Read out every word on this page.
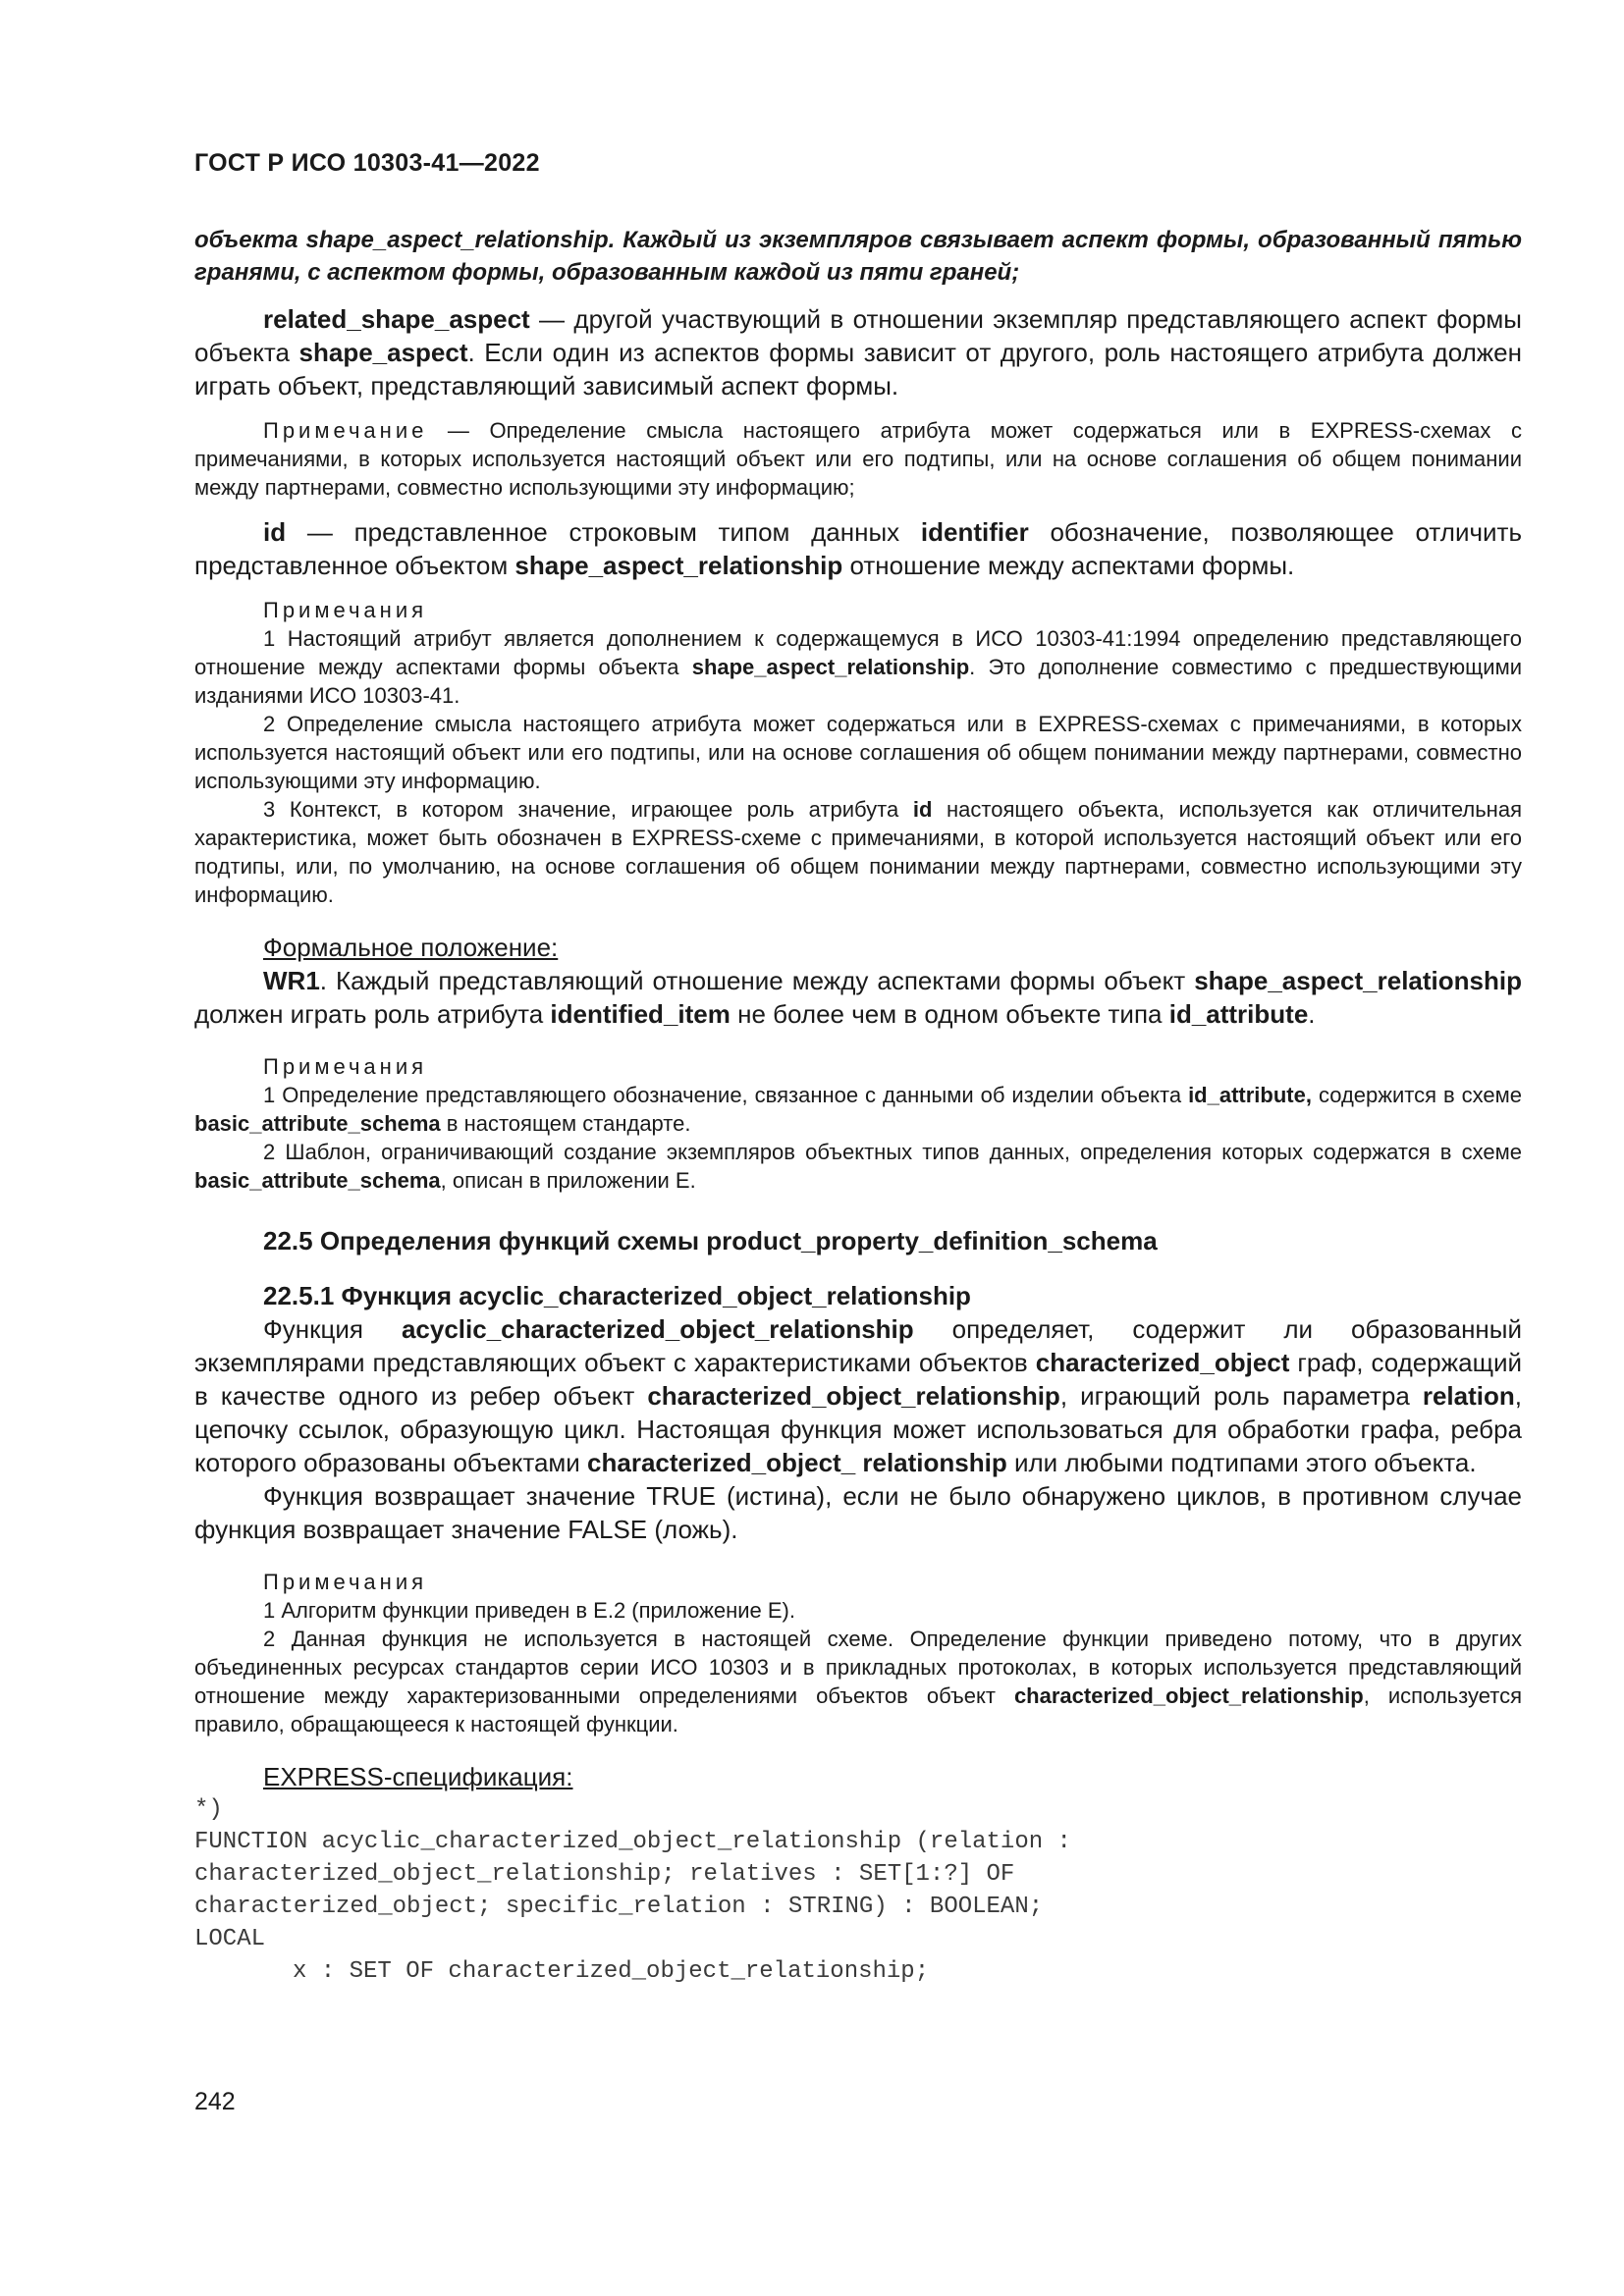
ГОСТ Р ИСО 10303-41—2022

объекта shape_aspect_relationship. Каждый из экземпляров связывает аспект формы, образованный пятью гранями, с аспектом формы, образованным каждой из пяти граней;

related_shape_aspect — другой участвующий в отношении экземпляр представляющего аспект формы объекта shape_aspect. Если один из аспектов формы зависит от другого, роль настоящего атрибута должен играть объект, представляющий зависимый аспект формы.

Примечание — Определение смысла настоящего атрибута может содержаться или в EXPRESS-схемах с примечаниями, в которых используется настоящий объект или его подтипы, или на основе соглашения об общем понимании между партнерами, совместно использующими эту информацию;

id — представленное строковым типом данных identifier обозначение, позволяющее отличить представленное объектом shape_aspect_relationship отношение между аспектами формы.

Примечания

1 Настоящий атрибут является дополнением к содержащемуся в ИСО 10303-41:1994 определению представляющего отношение между аспектами формы объекта shape_aspect_relationship. Это дополнение совместимо с предшествующими изданиями ИСО 10303-41.

2 Определение смысла настоящего атрибута может содержаться или в EXPRESS-схемах с примечаниями, в которых используется настоящий объект или его подтипы, или на основе соглашения об общем понимании между партнерами, совместно использующими эту информацию.

3 Контекст, в котором значение, играющее роль атрибута id настоящего объекта, используется как отличительная характеристика, может быть обозначен в EXPRESS-схеме с примечаниями, в которой используется настоящий объект или его подтипы, или, по умолчанию, на основе соглашения об общем понимании между партнерами, совместно использующими эту информацию.

Формальное положение:

WR1. Каждый представляющий отношение между аспектами формы объект shape_aspect_relationship должен играть роль атрибута identified_item не более чем в одном объекте типа id_attribute.

Примечания

1 Определение представляющего обозначение, связанное с данными об изделии объекта id_attribute, содержится в схеме basic_attribute_schema в настоящем стандарте.

2 Шаблон, ограничивающий создание экземпляров объектных типов данных, определения которых содержатся в схеме basic_attribute_schema, описан в приложении Е.

22.5 Определения функций схемы product_property_definition_schema
22.5.1 Функция acyclic_characterized_object_relationship

Функция acyclic_characterized_object_relationship определяет, содержит ли образованный экземплярами представляющих объект с характеристиками объектов characterized_object граф, содержащий в качестве одного из ребер объект characterized_object_relationship, играющий роль параметра relation, цепочку ссылок, образующую цикл. Настоящая функция может использоваться для обработки графа, ребра которого образованы объектами characterized_object_ relationship или любыми подтипами этого объекта.

Функция возвращает значение TRUE (истина), если не было обнаружено циклов, в противном случае функция возвращает значение FALSE (ложь).

Примечания

1 Алгоритм функции приведен в Е.2 (приложение Е).

2 Данная функция не используется в настоящей схеме. Определение функции приведено потому, что в других объединенных ресурсах стандартов серии ИСО 10303 и в прикладных протоколах, в которых используется представляющий отношение между характеризованными определениями объектов объект characterized_object_relationship, используется правило, обращающееся к настоящей функции.

EXPRESS-спецификация:
*)
FUNCTION acyclic_characterized_object_relationship (relation :
characterized_object_relationship; relatives : SET[1:?] OF
characterized_object; specific_relation : STRING) : BOOLEAN;
LOCAL
x : SET OF characterized_object_relationship;
242
